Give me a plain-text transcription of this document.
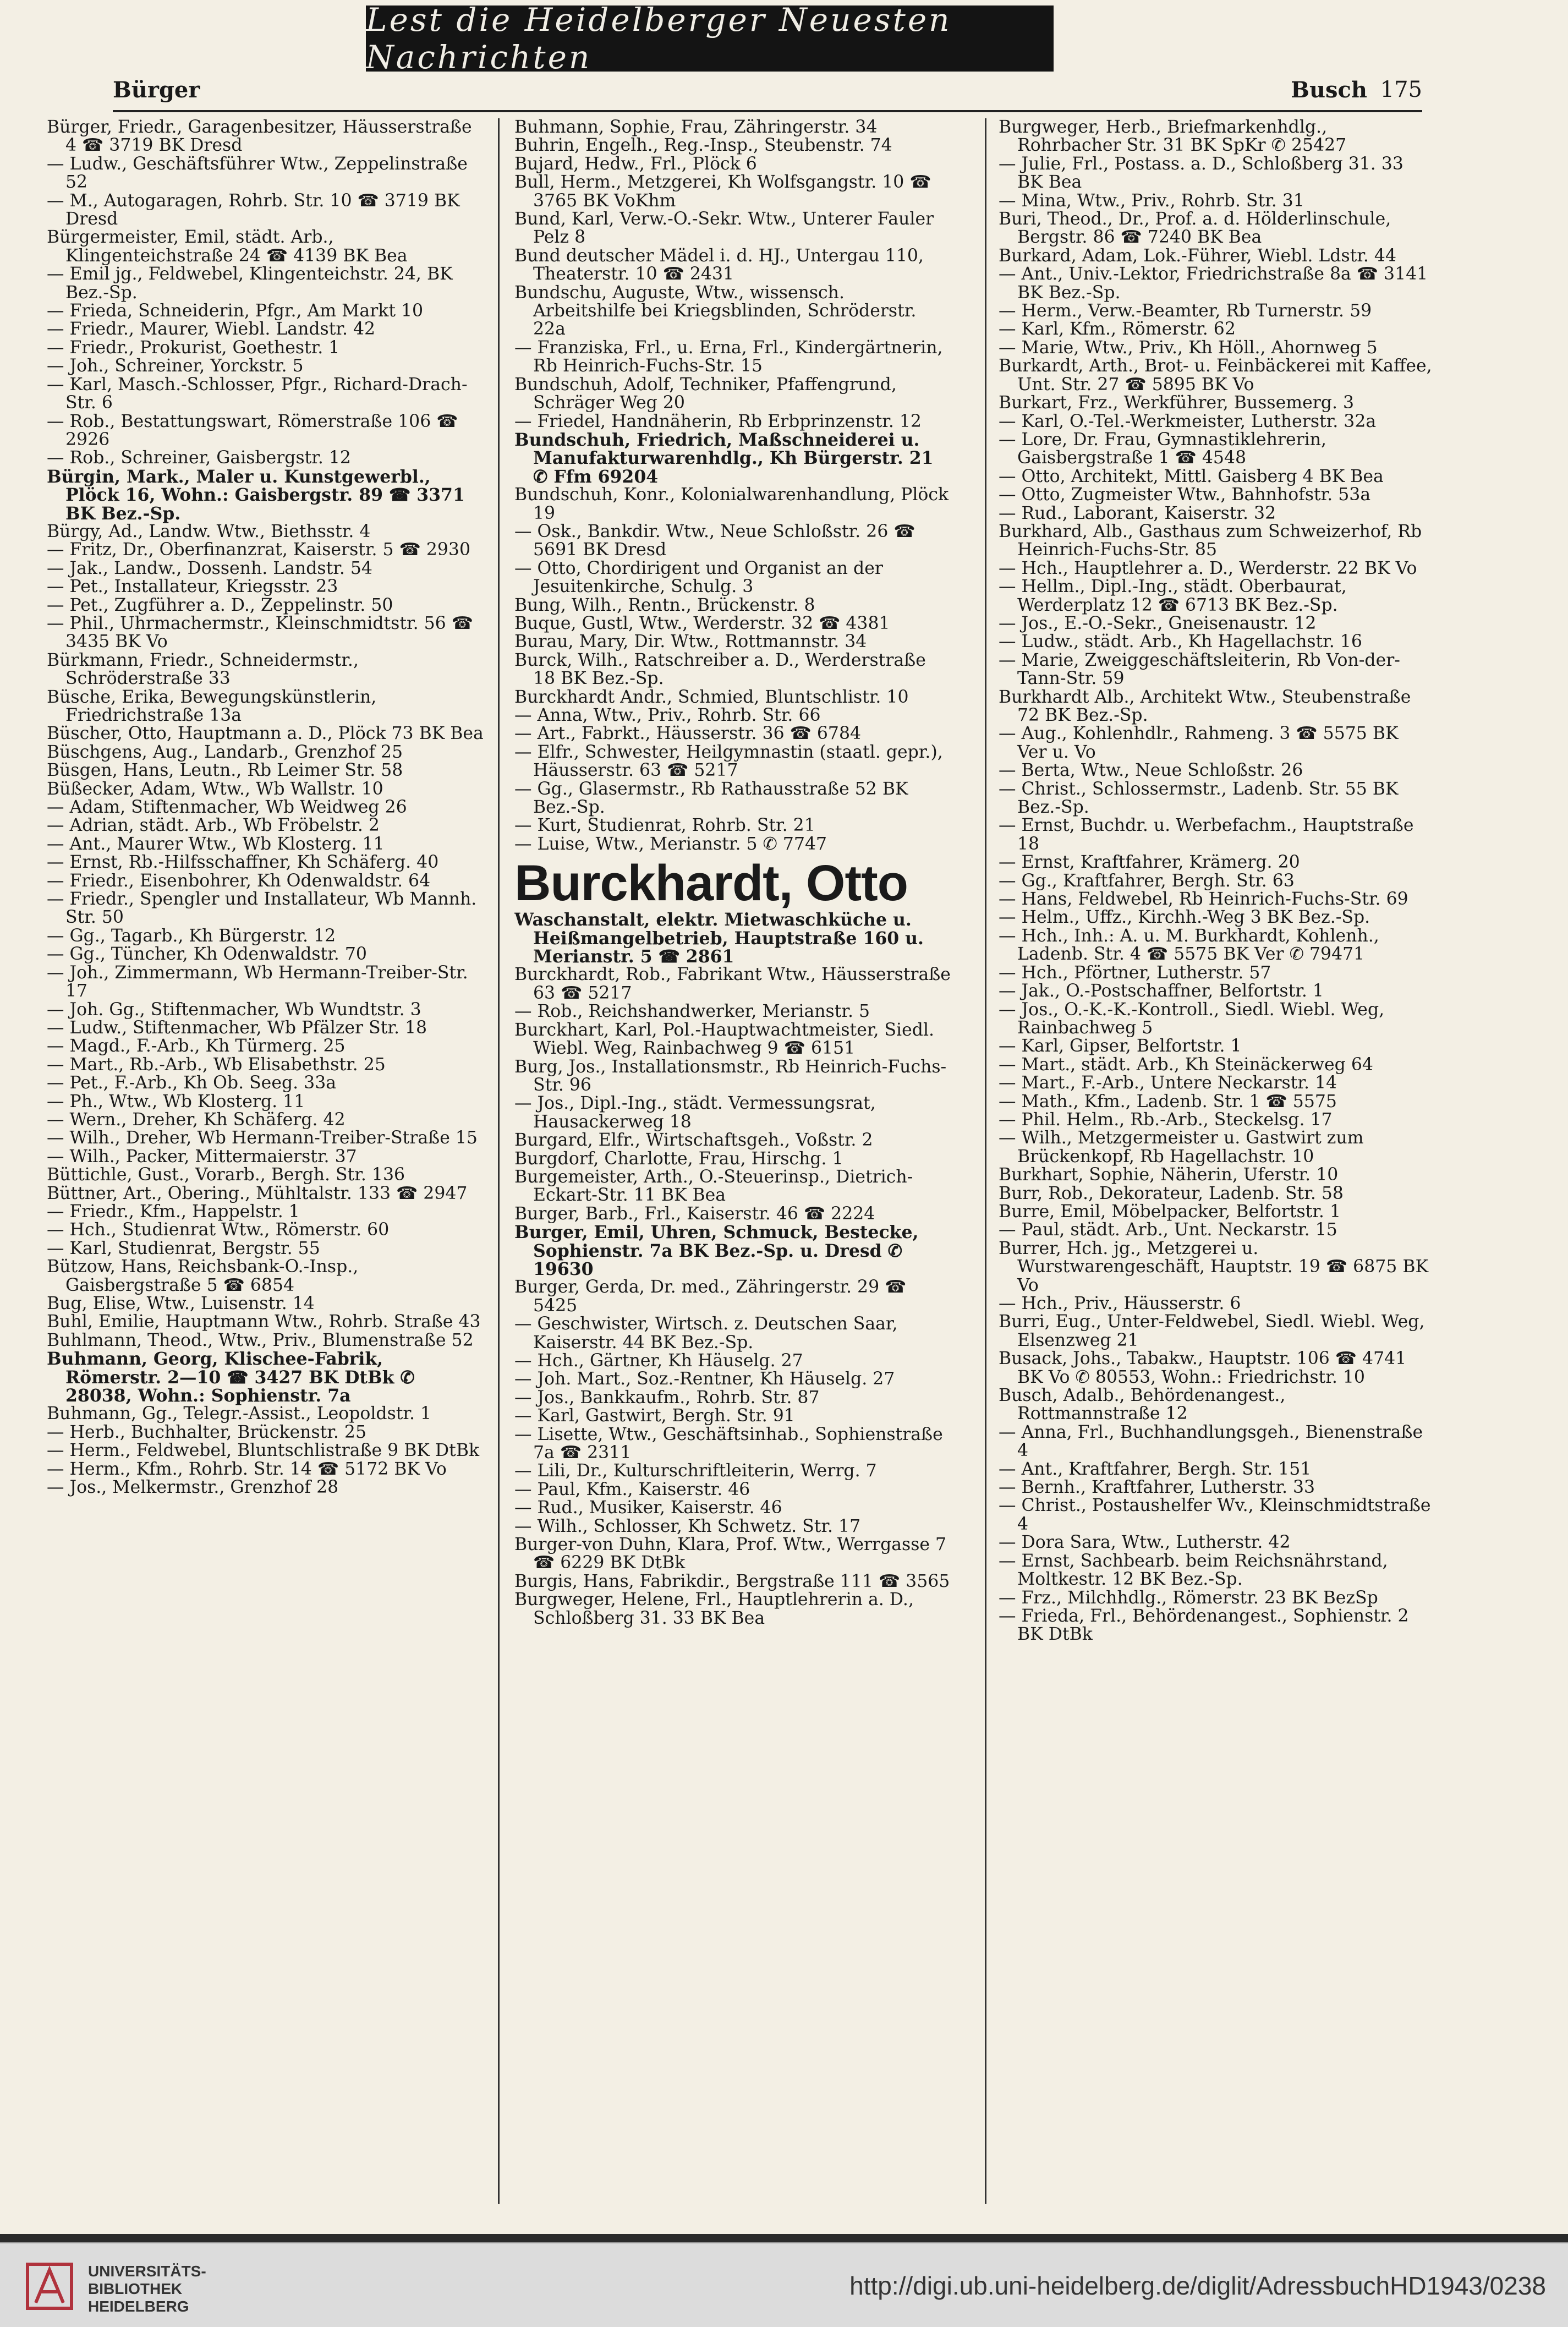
Lest die Heidelberger Neuesten Nachrichten
Bürger	Busch 175

Bürger, Friedr., Garagenbesitzer, Häusserstraße 4 ☎ 3719 BK Dresd

— Ludw., Geschäftsführer Wtw., Zeppelinstraße 52

— M., Autogaragen, Rohrb. Str. 10 ☎ 3719 BK Dresd

Bürgermeister, Emil, städt. Arb., Klingenteichstraße 24 ☎ 4139 BK Bea

— Emil jg., Feldwebel, Klingenteichstr. 24, BK Bez.-Sp.

— Frieda, Schneiderin, Pfgr., Am Markt 10

— Friedr., Maurer, Wiebl. Landstr. 42

— Friedr., Prokurist, Goethestr. 1

— Joh., Schreiner, Yorckstr. 5

— Karl, Masch.-Schlosser, Pfgr., Richard-Drach-Str. 6

— Rob., Bestattungswart, Römerstraße 106 ☎ 2926

— Rob., Schreiner, Gaisbergstr. 12

Bürgin, Mark., Maler u. Kunstgewerbl., Plöck 16, Wohn.: Gaisbergstr. 89 ☎ 3371 BK Bez.-Sp.

Bürgy, Ad., Landw. Wtw., Biethsstr. 4

— Fritz, Dr., Oberfinanzrat, Kaiserstr. 5 ☎ 2930

— Jak., Landw., Dossenh. Landstr. 54

— Pet., Installateur, Kriegsstr. 23

— Pet., Zugführer a. D., Zeppelinstr. 50

— Phil., Uhrmachermstr., Kleinschmidtstr. 56 ☎ 3435 BK Vo

Bürkmann, Friedr., Schneidermstr., Schröderstraße 33

Büsche, Erika, Bewegungskünstlerin, Friedrichstraße 13a

Büscher, Otto, Hauptmann a. D., Plöck 73 BK Bea

Büschgens, Aug., Landarb., Grenzhof 25

Büsgen, Hans, Leutn., Rb Leimer Str. 58

Büßecker, Adam, Wtw., Wb Wallstr. 10

— Adam, Stiftenmacher, Wb Weidweg 26

— Adrian, städt. Arb., Wb Fröbelstr. 2

— Ant., Maurer Wtw., Wb Klosterg. 11

— Ernst, Rb.-Hilfsschaffner, Kh Schäferg. 40

— Friedr., Eisenbohrer, Kh Odenwaldstr. 64

— Friedr., Spengler und Installateur, Wb Mannh. Str. 50

— Gg., Tagarb., Kh Bürgerstr. 12

— Gg., Tüncher, Kh Odenwaldstr. 70

— Joh., Zimmermann, Wb Hermann-Treiber-Str. 17

— Joh. Gg., Stiftenmacher, Wb Wundtstr. 3

— Ludw., Stiftenmacher, Wb Pfälzer Str. 18

— Magd., F.-Arb., Kh Türmerg. 25

— Mart., Rb.-Arb., Wb Elisabethstr. 25

— Pet., F.-Arb., Kh Ob. Seeg. 33a

— Ph., Wtw., Wb Klosterg. 11

— Wern., Dreher, Kh Schäferg. 42

— Wilh., Dreher, Wb Hermann-Treiber-Straße 15

— Wilh., Packer, Mittermaierstr. 37

Büttichle, Gust., Vorarb., Bergh. Str. 136

Büttner, Art., Obering., Mühltalstr. 133 ☎ 2947

— Friedr., Kfm., Happelstr. 1

— Hch., Studienrat Wtw., Römerstr. 60

— Karl, Studienrat, Bergstr. 55

Bützow, Hans, Reichsbank-O.-Insp., Gaisbergstraße 5 ☎ 6854

Bug, Elise, Wtw., Luisenstr. 14

Buhl, Emilie, Hauptmann Wtw., Rohrb. Straße 43

Buhlmann, Theod., Wtw., Priv., Blumenstraße 52

Buhmann, Georg, Klischee-Fabrik, Römerstr. 2—10 ☎ 3427 BK DtBk ✆ 28038, Wohn.: Sophienstr. 7a

Buhmann, Gg., Telegr.-Assist., Leopoldstr. 1

— Herb., Buchhalter, Brückenstr. 25

— Herm., Feldwebel, Bluntschlistraße 9 BK DtBk

— Herm., Kfm., Rohrb. Str. 14 ☎ 5172 BK Vo

— Jos., Melkermstr., Grenzhof 28

Buhmann, Sophie, Frau, Zähringerstr. 34

Buhrin, Engelh., Reg.-Insp., Steubenstr. 74

Bujard, Hedw., Frl., Plöck 6

Bull, Herm., Metzgerei, Kh Wolfsgangstr. 10 ☎ 3765 BK VoKhm

Bund, Karl, Verw.-O.-Sekr. Wtw., Unterer Fauler Pelz 8

Bund deutscher Mädel i. d. HJ., Untergau 110, Theaterstr. 10 ☎ 2431

Bundschu, Auguste, Wtw., wissensch. Arbeitshilfe bei Kriegsblinden, Schröderstr. 22a

— Franziska, Frl., u. Erna, Frl., Kindergärtnerin, Rb Heinrich-Fuchs-Str. 15

Bundschuh, Adolf, Techniker, Pfaffengrund, Schräger Weg 20

— Friedel, Handnäherin, Rb Erbprinzenstr. 12

Bundschuh, Friedrich, Maßschneiderei u. Manufakturwarenhdlg., Kh Bürgerstr. 21 ✆ Ffm 69204

Bundschuh, Konr., Kolonialwarenhandlung, Plöck 19

— Osk., Bankdir. Wtw., Neue Schloßstr. 26 ☎ 5691 BK Dresd

— Otto, Chordirigent und Organist an der Jesuitenkirche, Schulg. 3

Bung, Wilh., Rentn., Brückenstr. 8

Buque, Gustl, Wtw., Werderstr. 32 ☎ 4381

Burau, Mary, Dir. Wtw., Rottmannstr. 34

Burck, Wilh., Ratschreiber a. D., Werderstraße 18 BK Bez.-Sp.

Burckhardt Andr., Schmied, Bluntschlistr. 10

— Anna, Wtw., Priv., Rohrb. Str. 66

— Art., Fabrkt., Häusserstr. 36 ☎ 6784

— Elfr., Schwester, Heilgymnastin (staatl. gepr.), Häusserstr. 63 ☎ 5217

— Gg., Glasermstr., Rb Rathausstraße 52 BK Bez.-Sp.

— Kurt, Studienrat, Rohrb. Str. 21

— Luise, Wtw., Merianstr. 5 ✆ 7747

Burckhardt, Otto

Waschanstalt, elektr. Mietwaschküche u. Heißmangelbetrieb, Hauptstraße 160 u. Merianstr. 5 ☎ 2861

Burckhardt, Rob., Fabrikant Wtw., Häusserstraße 63 ☎ 5217

— Rob., Reichshandwerker, Merianstr. 5

Burckhart, Karl, Pol.-Hauptwachtmeister, Siedl. Wiebl. Weg, Rainbachweg 9 ☎ 6151

Burg, Jos., Installationsmstr., Rb Heinrich-Fuchs-Str. 96

— Jos., Dipl.-Ing., städt. Vermessungsrat, Hausackerweg 18

Burgard, Elfr., Wirtschaftsgeh., Voßstr. 2

Burgdorf, Charlotte, Frau, Hirschg. 1

Burgemeister, Arth., O.-Steuerinsp., Dietrich-Eckart-Str. 11 BK Bea

Burger, Barb., Frl., Kaiserstr. 46 ☎ 2224

Burger, Emil, Uhren, Schmuck, Bestecke, Sophienstr. 7a BK Bez.-Sp. u. Dresd ✆ 19630

Burger, Gerda, Dr. med., Zähringerstr. 29 ☎ 5425

— Geschwister, Wirtsch. z. Deutschen Saar, Kaiserstr. 44 BK Bez.-Sp.

— Hch., Gärtner, Kh Häuselg. 27

— Joh. Mart., Soz.-Rentner, Kh Häuselg. 27

— Jos., Bankkaufm., Rohrb. Str. 87

— Karl, Gastwirt, Bergh. Str. 91

— Lisette, Wtw., Geschäftsinhab., Sophienstraße 7a ☎ 2311

— Lili, Dr., Kulturschriftleiterin, Werrg. 7

— Paul, Kfm., Kaiserstr. 46

— Rud., Musiker, Kaiserstr. 46

— Wilh., Schlosser, Kh Schwetz. Str. 17

Burger-von Duhn, Klara, Prof. Wtw., Werrgasse 7 ☎ 6229 BK DtBk

Burgis, Hans, Fabrikdir., Bergstraße 111 ☎ 3565

Burgweger, Helene, Frl., Hauptlehrerin a. D., Schloßberg 31. 33 BK Bea

Burgweger, Herb., Briefmarkenhdlg., Rohrbacher Str. 31 BK SpKr ✆ 25427

— Julie, Frl., Postass. a. D., Schloßberg 31. 33 BK Bea

— Mina, Wtw., Priv., Rohrb. Str. 31

Buri, Theod., Dr., Prof. a. d. Hölderlinschule, Bergstr. 86 ☎ 7240 BK Bea

Burkard, Adam, Lok.-Führer, Wiebl. Ldstr. 44

— Ant., Univ.-Lektor, Friedrichstraße 8a ☎ 3141 BK Bez.-Sp.

— Herm., Verw.-Beamter, Rb Turnerstr. 59

— Karl, Kfm., Römerstr. 62

— Marie, Wtw., Priv., Kh Höll., Ahornweg 5

Burkardt, Arth., Brot- u. Feinbäckerei mit Kaffee, Unt. Str. 27 ☎ 5895 BK Vo

Burkart, Frz., Werkführer, Bussemerg. 3

— Karl, O.-Tel.-Werkmeister, Lutherstr. 32a

— Lore, Dr. Frau, Gymnastiklehrerin, Gaisbergstraße 1 ☎ 4548

— Otto, Architekt, Mittl. Gaisberg 4 BK Bea

— Otto, Zugmeister Wtw., Bahnhofstr. 53a

— Rud., Laborant, Kaiserstr. 32

Burkhard, Alb., Gasthaus zum Schweizerhof, Rb Heinrich-Fuchs-Str. 85

— Hch., Hauptlehrer a. D., Werderstr. 22 BK Vo

— Hellm., Dipl.-Ing., städt. Oberbaurat, Werderplatz 12 ☎ 6713 BK Bez.-Sp.

— Jos., E.-O.-Sekr., Gneisenaustr. 12

— Ludw., städt. Arb., Kh Hagellachstr. 16

— Marie, Zweiggeschäftsleiterin, Rb Von-der-Tann-Str. 59

Burkhardt Alb., Architekt Wtw., Steubenstraße 72 BK Bez.-Sp.

— Aug., Kohlenhdlr., Rahmeng. 3 ☎ 5575 BK Ver u. Vo

— Berta, Wtw., Neue Schloßstr. 26

— Christ., Schlossermstr., Ladenb. Str. 55 BK Bez.-Sp.

— Ernst, Buchdr. u. Werbefachm., Hauptstraße 18

— Ernst, Kraftfahrer, Krämerg. 20

— Gg., Kraftfahrer, Bergh. Str. 63

— Hans, Feldwebel, Rb Heinrich-Fuchs-Str. 69

— Helm., Uffz., Kirchh.-Weg 3 BK Bez.-Sp.

— Hch., Inh.: A. u. M. Burkhardt, Kohlenh., Ladenb. Str. 4 ☎ 5575 BK Ver ✆ 79471

— Hch., Pförtner, Lutherstr. 57

— Jak., O.-Postschaffner, Belfortstr. 1

— Jos., O.-K.-K.-Kontroll., Siedl. Wiebl. Weg, Rainbachweg 5

— Karl, Gipser, Belfortstr. 1

— Mart., städt. Arb., Kh Steinäckerweg 64

— Mart., F.-Arb., Untere Neckarstr. 14

— Math., Kfm., Ladenb. Str. 1 ☎ 5575

— Phil. Helm., Rb.-Arb., Steckelsg. 17

— Wilh., Metzgermeister u. Gastwirt zum Brückenkopf, Rb Hagellachstr. 10

Burkhart, Sophie, Näherin, Uferstr. 10

Burr, Rob., Dekorateur, Ladenb. Str. 58

Burre, Emil, Möbelpacker, Belfortstr. 1

— Paul, städt. Arb., Unt. Neckarstr. 15

Burrer, Hch. jg., Metzgerei u. Wurstwarengeschäft, Hauptstr. 19 ☎ 6875 BK Vo

— Hch., Priv., Häusserstr. 6

Burri, Eug., Unter-Feldwebel, Siedl. Wiebl. Weg, Elsenzweg 21

Busack, Johs., Tabakw., Hauptstr. 106 ☎ 4741 BK Vo ✆ 80553, Wohn.: Friedrichstr. 10

Busch, Adalb., Behördenangest., Rottmannstraße 12

— Anna, Frl., Buchhandlungsgeh., Bienenstraße 4

— Ant., Kraftfahrer, Bergh. Str. 151

— Bernh., Kraftfahrer, Lutherstr. 33

— Christ., Postaushelfer Wv., Kleinschmidtstraße 4

— Dora Sara, Wtw., Lutherstr. 42

— Ernst, Sachbearb. beim Reichsnährstand, Moltkestr. 12 BK Bez.-Sp.

— Frz., Milchhdlg., Römerstr. 23 BK BezSp

— Frieda, Frl., Behördenangest., Sophienstr. 2 BK DtBk

UNIVERSITÄTS-
BIBLIOTHEK
HEIDELBERG
http://digi.ub.uni-heidelberg.de/diglit/AdressbuchHD1943/0238
